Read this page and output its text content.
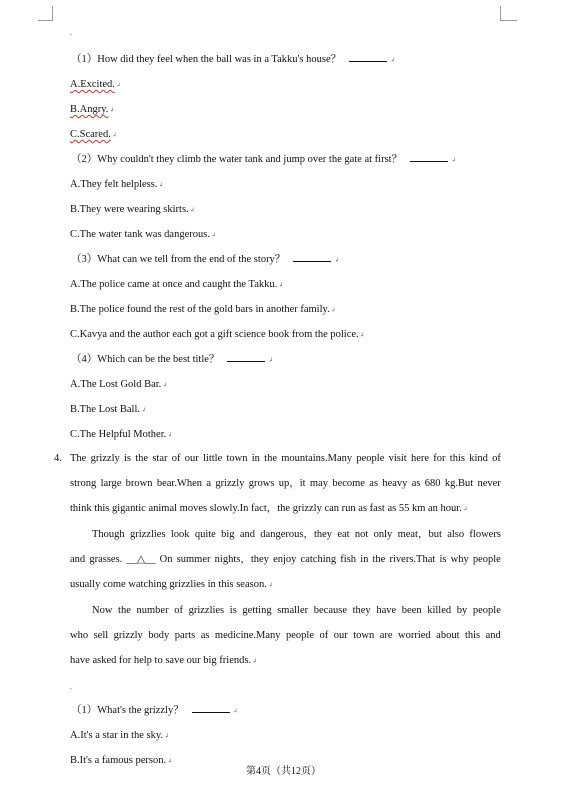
.
（1）How did they feel when the ball was in a Takku's house？	↲
A.Excited.↲
B.Angry.↲
C.Scared.↲
（2）Why couldn't they climb the water tank and jump over the gate at first？	↲
A.They felt helpless.↲
B.They were wearing skirts.↲
C.The water tank was dangerous.↲
（3）What can we tell from the end of the story？	↲
A.The police came at once and caught the Takku.↲
B.The police found the rest of the gold bars in another family.↲
C.Kavya and the author each got a gift science book from the police.↲
（4）Which can be the best title？	↲
A.The Lost Gold Bar.↲
B.The Lost Ball.↲
C.The Helpful Mother.↲
4. The grizzly is the star of our little town in the mountains.Many people visit here for this kind of
strong large brown bear.When a grizzly grows up，it may become as heavy as 680 kg.But never
think this gigantic animal moves slowly.In fact，the grizzly can run as fast as 55 km an hour.↲
Though grizzlies look quite big and dangerous，they eat not only meat，but also flowers
and grasses. __△__ On summer nights，they enjoy catching fish in the rivers.That is why people
usually come watching grizzlies in this season.↲
Now the number of grizzlies is getting smaller because they have been killed by people
who sell grizzly body parts as medicine.Many people of our town are worried about this and
have asked for help to save our big friends.↲
.
（1）What's the grizzly？	↲
A.It's a star in the sky.↲
B.It's a famous person.↲
第4页（共12页）
